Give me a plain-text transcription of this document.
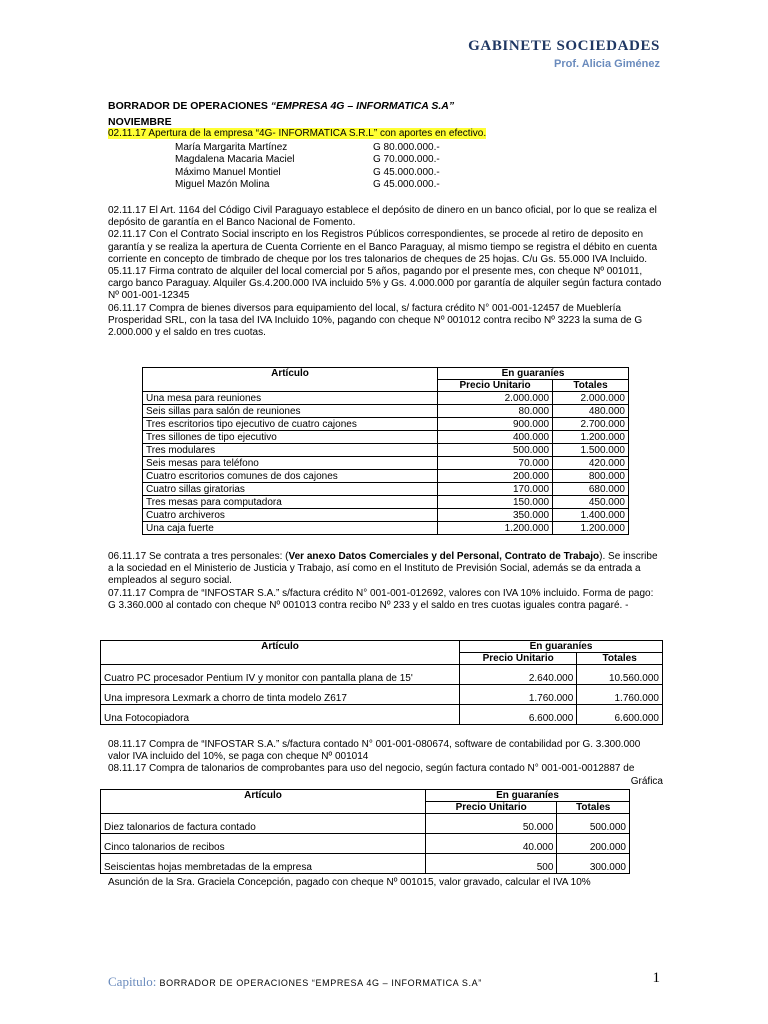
GABINETE SOCIEDADES
Prof. Alicia Giménez
BORRADOR DE OPERACIONES “EMPRESA 4G – INFORMATICA S.A”
NOVIEMBRE
02.11.17 Apertura de la empresa “4G- INFORMATICA S.R.L” con aportes en efectivo.
María Margarita Martínez	G 80.000.000.-
Magdalena Macaria Maciel	G 70.000.000.-
Máximo Manuel Montiel	G 45.000.000.-
Miguel Mazón Molina	G 45.000.000.-

02.11.17 El Art. 1164 del Código Civil Paraguayo establece el depósito de dinero en un banco oficial, por lo que se realiza el depósito de garantía en el Banco Nacional de Fomento.

02.11.17 Con el Contrato Social inscripto en los Registros Públicos correspondientes, se procede al retiro de deposito en garantía y se realiza la apertura de Cuenta Corriente en el Banco Paraguay, al mismo tiempo se registra el débito en cuenta corriente en concepto de timbrado de cheque por los tres talonarios de cheques de 25 hojas. C/u Gs. 55.000 IVA Incluido.

05.11.17 Firma contrato de alquiler del local comercial por 5 años, pagando por el presente mes, con cheque Nº 001011, cargo banco Paraguay. Alquiler Gs.4.200.000 IVA incluido 5% y Gs. 4.000.000 por garantía de alquiler según factura contado Nº 001-001-12345

06.11.17 Compra de bienes diversos para equipamiento del local, s/ factura crédito N° 001-001-12457 de Mueblería Prosperidad SRL, con la tasa del IVA Incluido 10%, pagando con cheque Nº 001012 contra recibo Nº 3223 la suma de G 2.000.000 y el saldo en tres cuotas.

Artículo	En guaraníes	
	Precio Unitario	Totales
Una mesa para reuniones	2.000.000	2.000.000
Seis sillas para salón de reuniones	80.000	480.000
Tres escritorios tipo ejecutivo de cuatro cajones	900.000	2.700.000
Tres sillones de tipo ejecutivo	400.000	1.200.000
Tres modulares	500.000	1.500.000
Seis mesas para teléfono	70.000	420.000
Cuatro escritorios comunes de dos cajones	200.000	800.000
Cuatro sillas giratorias	170.000	680.000
Tres mesas para computadora	150.000	450.000
Cuatro archiveros	350.000	1.400.000
Una caja fuerte	1.200.000	1.200.000

06.11.17 Se contrata a tres personales: (Ver anexo Datos Comerciales y del Personal, Contrato de Trabajo). Se inscribe a la sociedad en el Ministerio de Justicia y Trabajo, así como en el Instituto de Previsión Social, además se da entrada a empleados al seguro social.

07.11.17 Compra de “INFOSTAR S.A.” s/factura crédito N° 001-001-012692, valores con IVA 10% incluido. Forma de pago: G 3.360.000 al contado con cheque Nº 001013 contra recibo Nº 233 y el saldo en tres cuotas iguales contra pagaré. -

Artículo	En guaraníes	
	Precio Unitario	Totales
Cuatro PC procesador Pentium IV y monitor con pantalla plana de 15'	2.640.000	10.560.000
Una impresora Lexmark a chorro de tinta modelo Z617	1.760.000	1.760.000
Una Fotocopiadora	6.600.000	6.600.000

08.11.17 Compra de “INFOSTAR S.A.” s/factura contado N° 001-001-080674, software de contabilidad por G. 3.300.000 valor IVA incluido del 10%, se paga con cheque Nº 001014

08.11.17 Compra de talonarios de comprobantes para uso del negocio, según factura contado N° 001-001-0012887 de

Gráfica

Artículo	En guaraníes	
	Precio Unitario	Totales
Diez talonarios de factura contado	50.000	500.000
Cinco talonarios de recibos	40.000	200.000
Seiscientas hojas membretadas de la empresa	500	300.000
Asunción de la Sra. Graciela Concepción, pagado con cheque Nº 001015, valor gravado, calcular el IVA 10%
Capitulo: BORRADOR DE OPERACIONES “EMPRESA 4G – INFORMATICA S.A”	1
